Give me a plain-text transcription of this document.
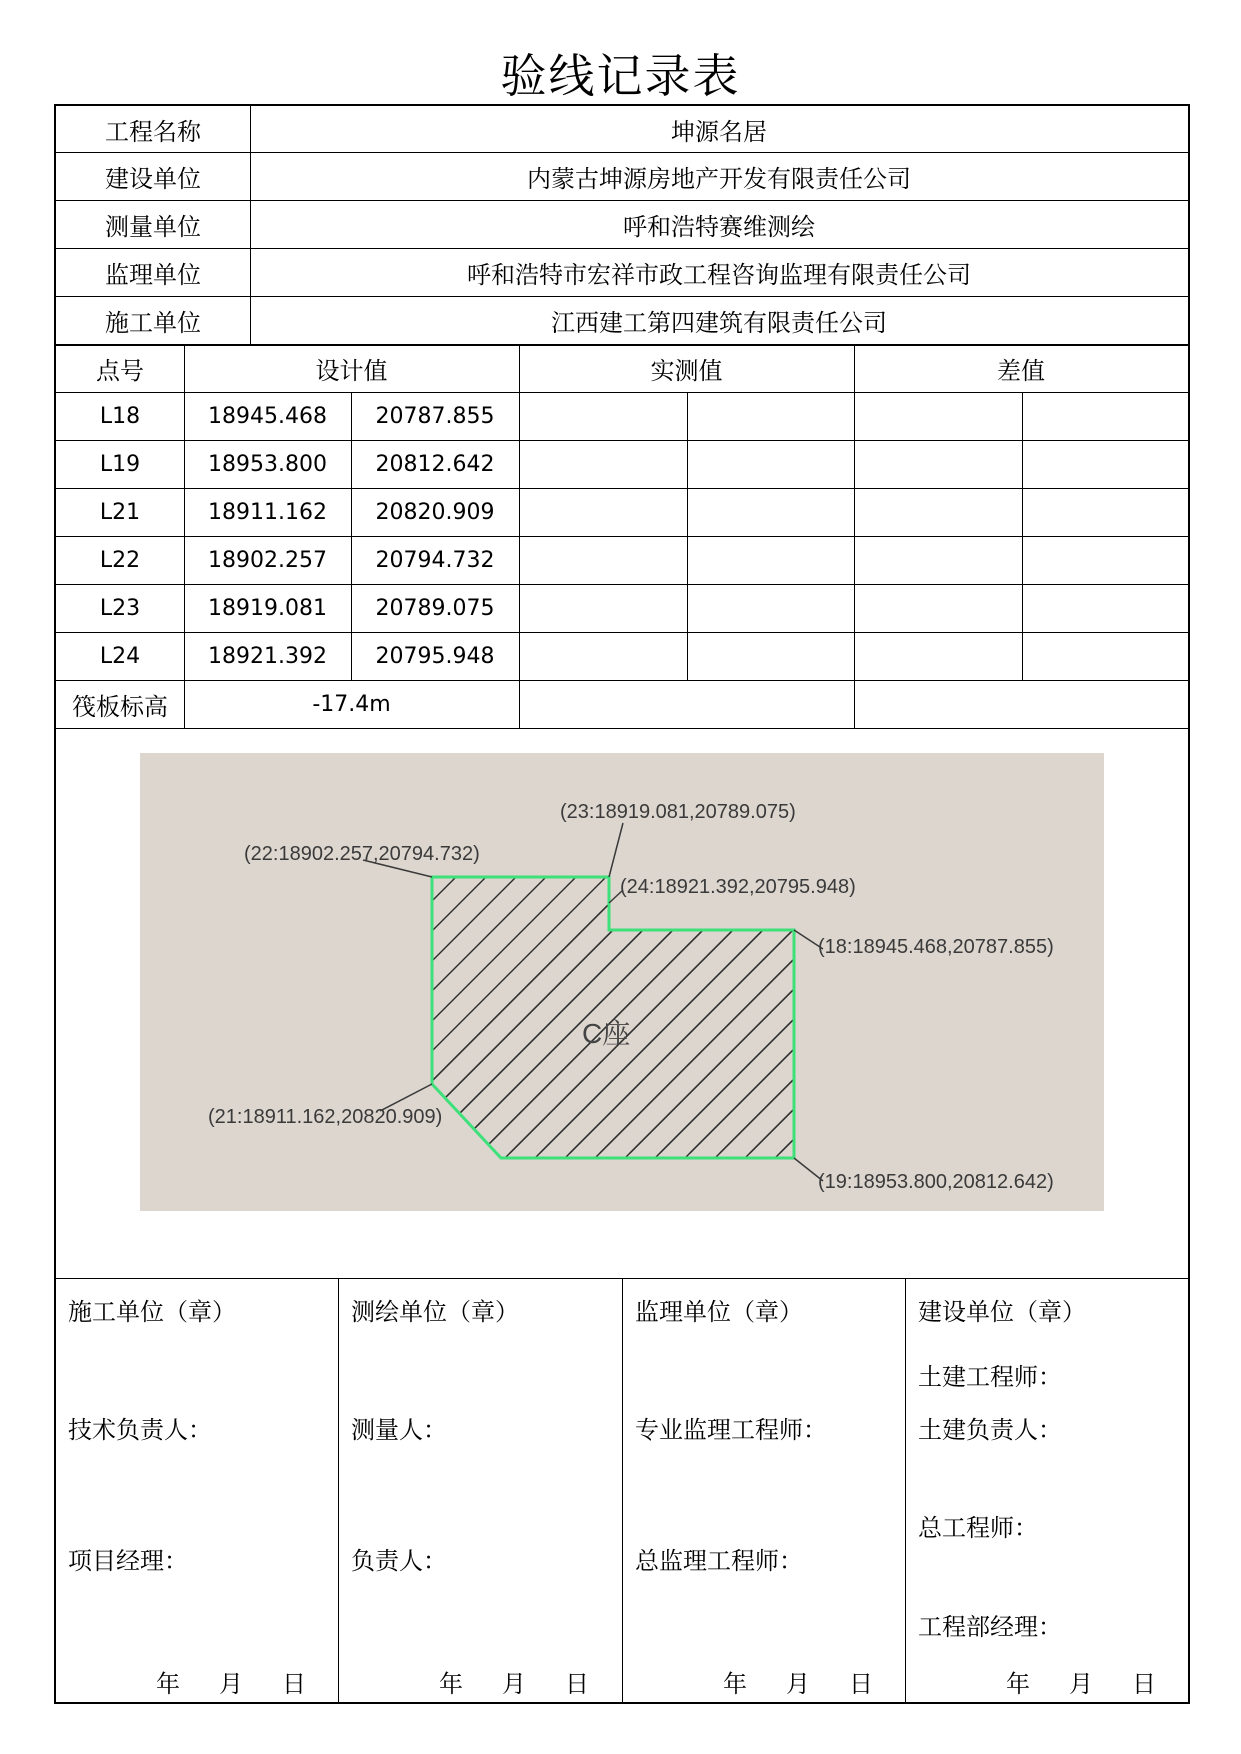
验线记录表
工程名称	坤源名居
建设单位	内蒙古坤源房地产开发有限责任公司
测量单位	呼和浩特赛维测绘
监理单位	呼和浩特市宏祥市政工程咨询监理有限责任公司
施工单位	江西建工第四建筑有限责任公司
点号	设计值	实测值	差值
L18	18945.468	20787.855
L19	18953.800	20812.642
L21	18911.162	20820.909
L22	18902.257	20794.732
L23	18919.081	20789.075
L24	18921.392	20795.948
筏板标高	-17.4m
(23:18919.081,20789.075)
(22:18902.257,20794.732)
(24:18921.392,20795.948)
(18:18945.468,20787.855)
(21:18911.162,20820.909)
(19:18953.800,20812.642)
C座
施工单位（章）
技术负责人：
项目经理：
测绘单位（章）
测量人：
负责人：
监理单位（章）
专业监理工程师：
总监理工程师：
建设单位（章）
土建工程师：
土建负责人：
总工程师：
工程部经理：
年 月 日	年 月 日	年 月 日	年 月 日
